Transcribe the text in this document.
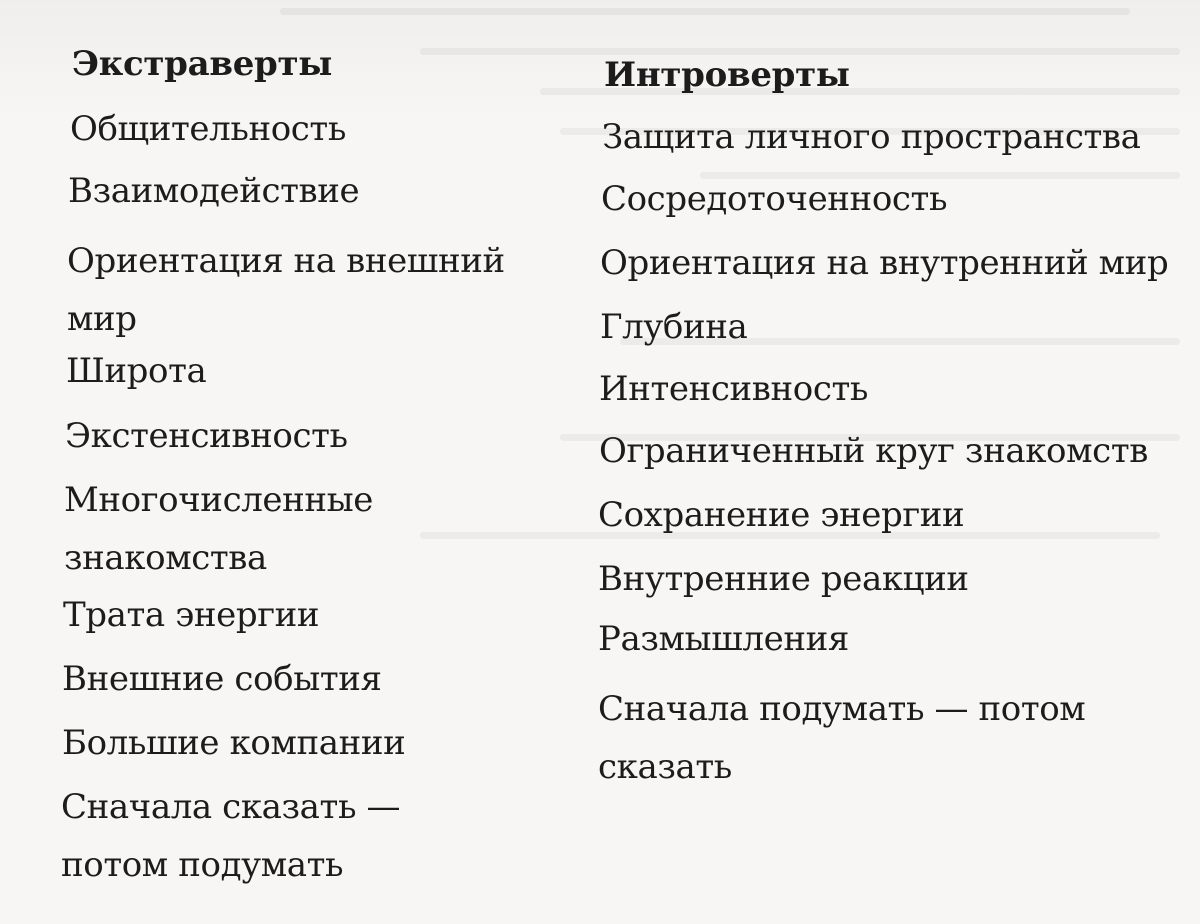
Экстраверты
Общительность
Взаимодействие
Ориентация на внешний мир
Широта
Экстенсивность
Многочисленные знакомства
Трата энергии
Внешние события
Большие компании
Сначала сказать — потом подумать
Интроверты
Защита личного пространства
Сосредоточенность
Ориентация на внутренний мир
Глубина
Интенсивность
Ограниченный круг знакомств
Сохранение энергии
Внутренние реакции
Размышления
Сначала подумать — потом сказать
